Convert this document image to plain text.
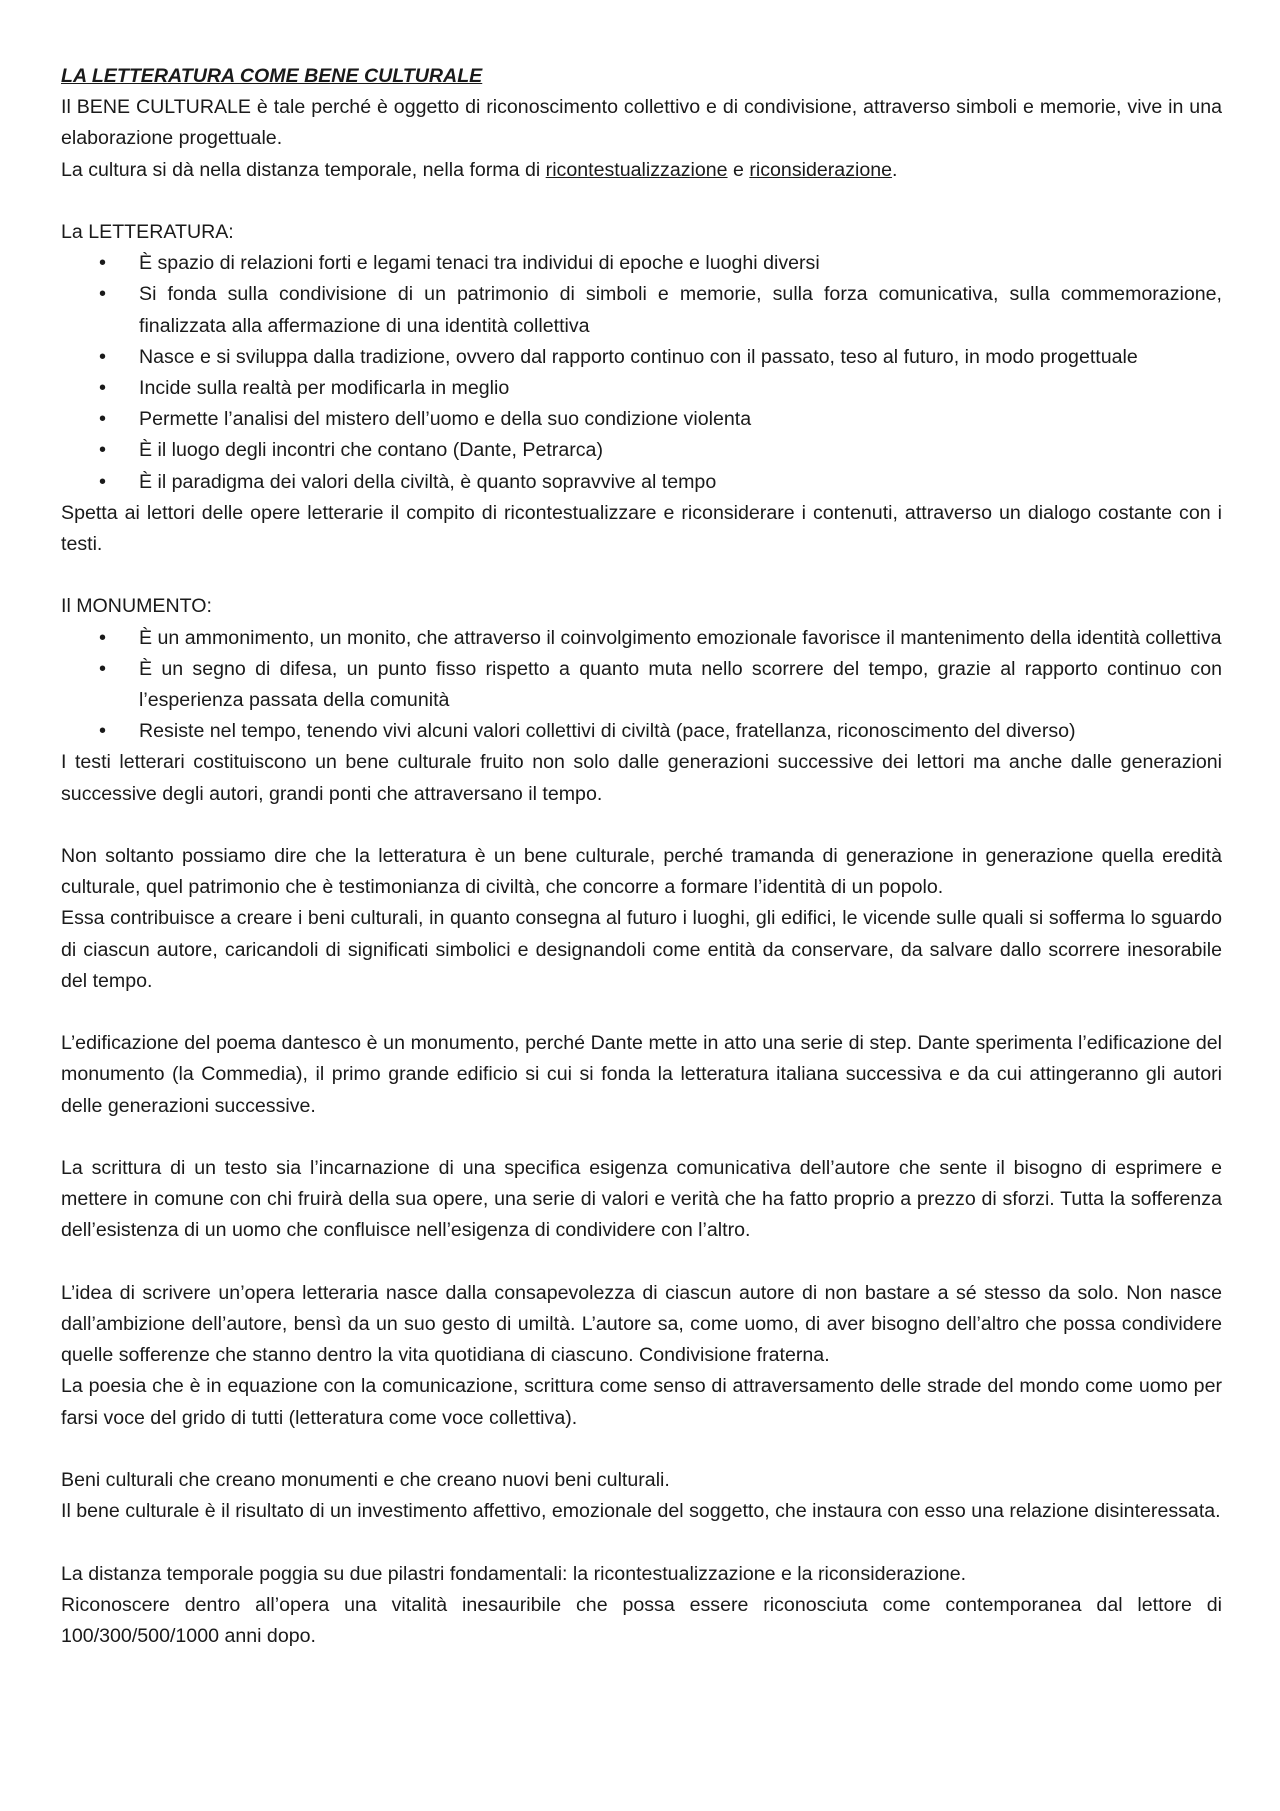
LA LETTERATURA COME BENE CULTURALE

Il BENE CULTURALE è tale perché è oggetto di riconoscimento collettivo e di condivisione, attraverso simboli e memorie, vive in una elaborazione progettuale.

La cultura si dà nella distanza temporale, nella forma di ricontestualizzazione e riconsiderazione.

La LETTERATURA:

• È spazio di relazioni forti e legami tenaci tra individui di epoche e luoghi diversi
• Si fonda sulla condivisione di un patrimonio di simboli e memorie, sulla forza comunicativa, sulla commemorazione, finalizzata alla affermazione di una identità collettiva
• Nasce e si sviluppa dalla tradizione, ovvero dal rapporto continuo con il passato, teso al futuro, in modo progettuale
• Incide sulla realtà per modificarla in meglio
• Permette l’analisi del mistero dell’uomo e della suo condizione violenta
• È il luogo degli incontri che contano (Dante, Petrarca)
• È il paradigma dei valori della civiltà, è quanto sopravvive al tempo

Spetta ai lettori delle opere letterarie il compito di ricontestualizzare e riconsiderare i contenuti, attraverso un dialogo costante con i testi.

Il MONUMENTO:

• È un ammonimento, un monito, che attraverso il coinvolgimento emozionale favorisce il mantenimento della identità collettiva
• È un segno di difesa, un punto fisso rispetto a quanto muta nello scorrere del tempo, grazie al rapporto continuo con l’esperienza passata della comunità
• Resiste nel tempo, tenendo vivi alcuni valori collettivi di civiltà (pace, fratellanza, riconoscimento del diverso)

I testi letterari costituiscono un bene culturale fruito non solo dalle generazioni successive dei lettori ma anche dalle generazioni successive degli autori, grandi ponti che attraversano il tempo.

Non soltanto possiamo dire che la letteratura è un bene culturale, perché tramanda di generazione in generazione quella eredità culturale, quel patrimonio che è testimonianza di civiltà, che concorre a formare l’identità di un popolo.

Essa contribuisce a creare i beni culturali, in quanto consegna al futuro i luoghi, gli edifici, le vicende sulle quali si sofferma lo sguardo di ciascun autore, caricandoli di significati simbolici e designandoli come entità da conservare, da salvare dallo scorrere inesorabile del tempo.

L’edificazione del poema dantesco è un monumento, perché Dante mette in atto una serie di step. Dante sperimenta l’edificazione del monumento (la Commedia), il primo grande edificio si cui si fonda la letteratura italiana successiva e da cui attingeranno gli autori delle generazioni successive.

La scrittura di un testo sia l’incarnazione di una specifica esigenza comunicativa dell’autore che sente il bisogno di esprimere e mettere in comune con chi fruirà della sua opere, una serie di valori e verità che ha fatto proprio a prezzo di sforzi. Tutta la sofferenza dell’esistenza di un uomo che confluisce nell’esigenza di condividere con l’altro.

L’idea di scrivere un’opera letteraria nasce dalla consapevolezza di ciascun autore di non bastare a sé stesso da solo. Non nasce dall’ambizione dell’autore, bensì da un suo gesto di umiltà. L’autore sa, come uomo, di aver bisogno dell’altro che possa condividere quelle sofferenze che stanno dentro la vita quotidiana di ciascuno. Condivisione fraterna.

La poesia che è in equazione con la comunicazione, scrittura come senso di attraversamento delle strade del mondo come uomo per farsi voce del grido di tutti (letteratura come voce collettiva).

Beni culturali che creano monumenti e che creano nuovi beni culturali.

Il bene culturale è il risultato di un investimento affettivo, emozionale del soggetto, che instaura con esso una relazione disinteressata.

La distanza temporale poggia su due pilastri fondamentali: la ricontestualizzazione e la riconsiderazione.

Riconoscere dentro all’opera una vitalità inesauribile che possa essere riconosciuta come contemporanea dal lettore di 100/300/500/1000 anni dopo.
